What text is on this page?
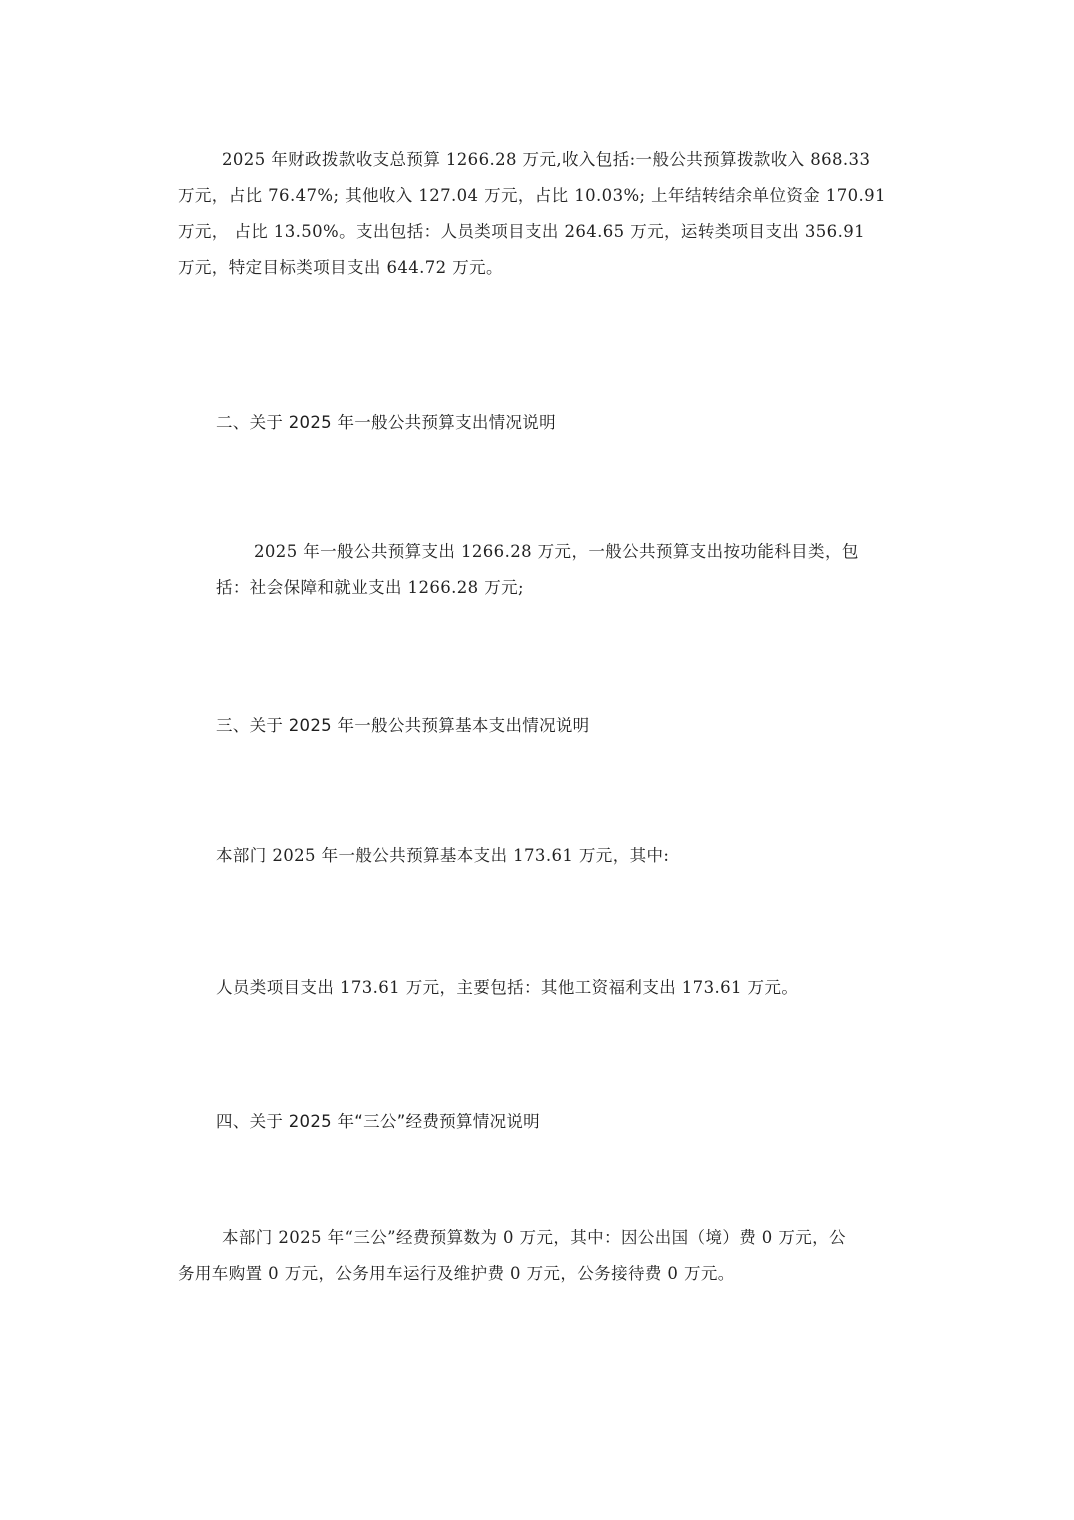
2025 年财政拨款收支总预算 1266.28 万元,收入包括:一般公共预算拨款收入 868.33
万元，占比 76.47%; 其他收入 127.04 万元，占比 10.03%; 上年结转结余单位资金 170.91
万元， 占比 13.50%。支出包括：人员类项目支出 264.65 万元，运转类项目支出 356.91
万元，特定目标类项目支出 644.72 万元。

二、关于 2025 年一般公共预算支出情况说明

2025 年一般公共预算支出 1266.28 万元，一般公共预算支出按功能科目类，包
括：社会保障和就业支出 1266.28 万元;

三、关于 2025 年一般公共预算基本支出情况说明

本部门 2025 年一般公共预算基本支出 173.61 万元，其中:

人员类项目支出 173.61 万元，主要包括：其他工资福利支出 173.61 万元。

四、关于 2025 年“三公”经费预算情况说明

本部门 2025 年“三公”经费预算数为 0 万元，其中：因公出国（境）费 0 万元，公
务用车购置 0 万元，公务用车运行及维护费 0 万元，公务接待费 0 万元。
